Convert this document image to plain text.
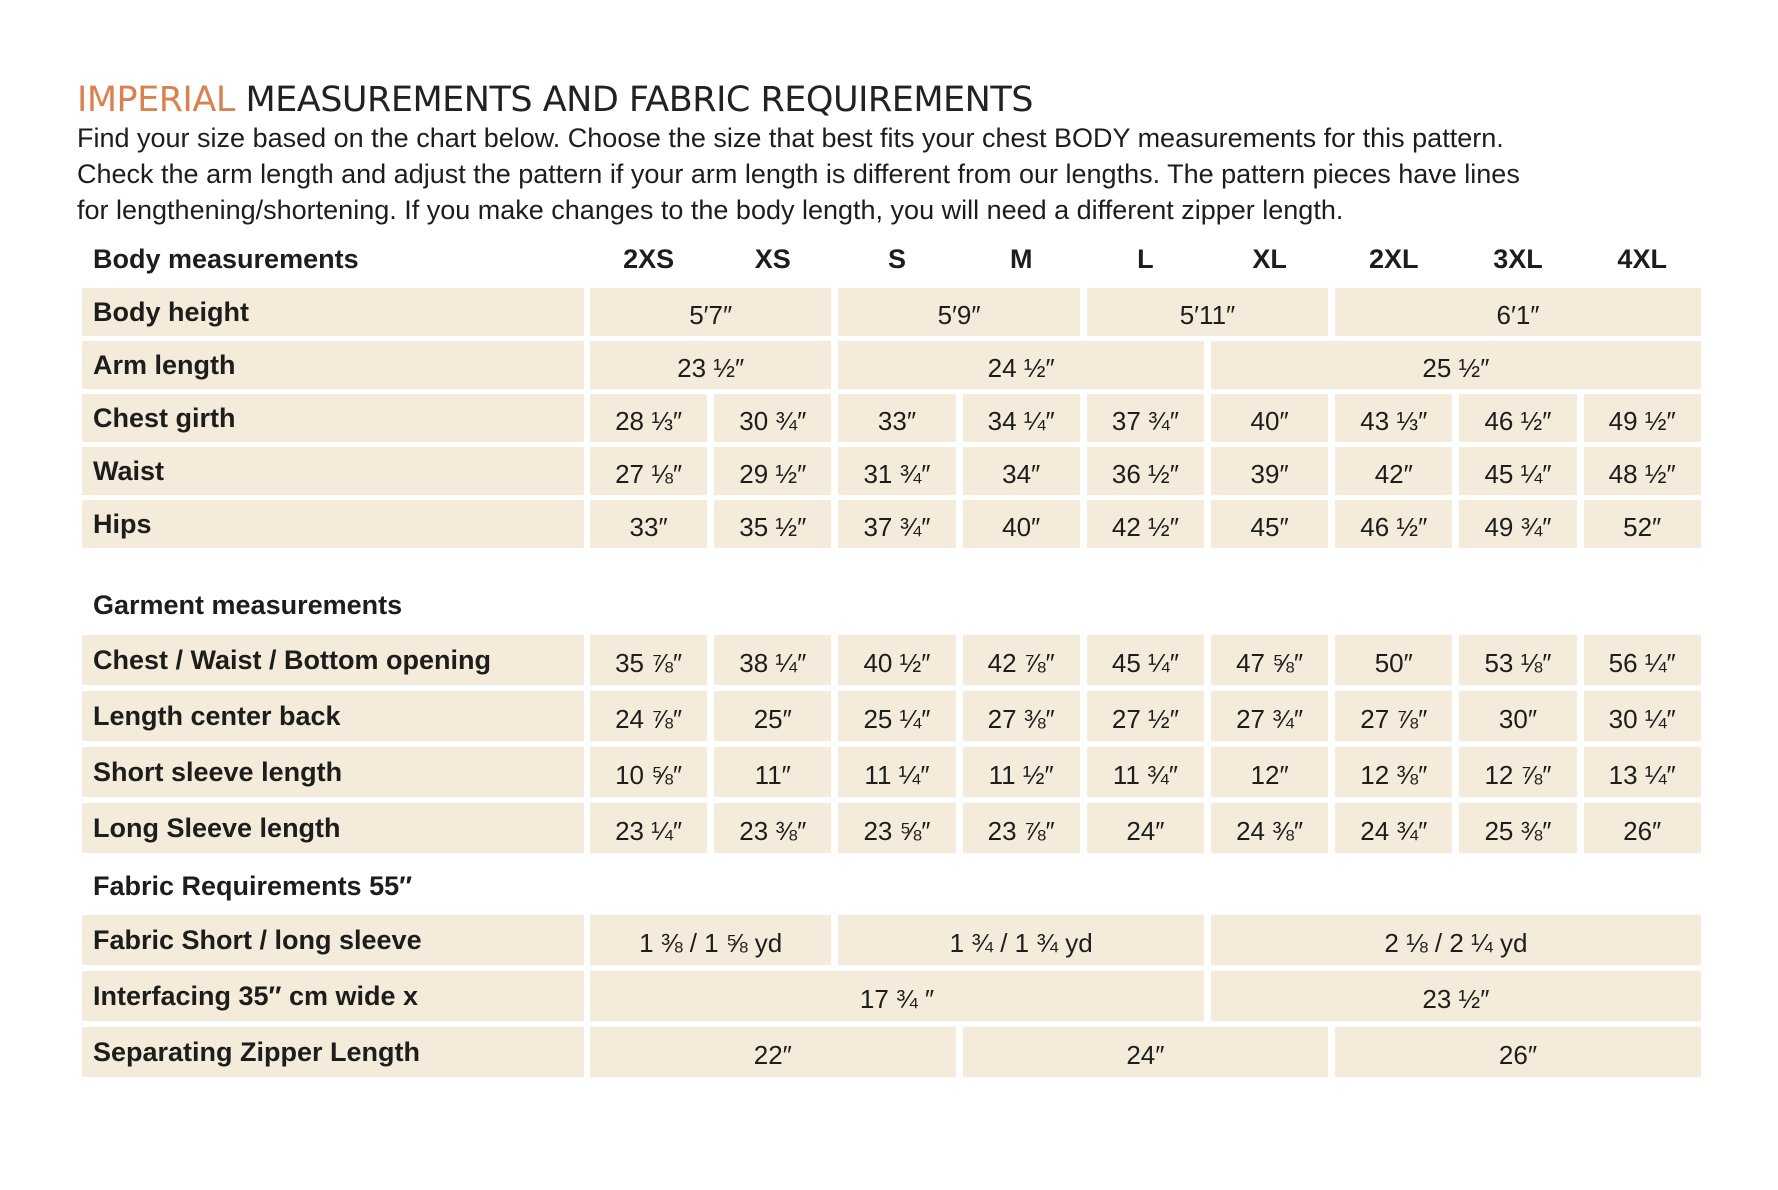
IMPERIAL MEASUREMENTS AND FABRIC REQUIREMENTS
Find your size based on the chart below. Choose the size that best fits your chest BODY measurements for this pattern.
Check the arm length and adjust the pattern if your arm length is different from our lengths. The pattern pieces have lines
for lengthening/shortening. If you make changes to the body length, you will need a different zipper length.
Body measurements	2XS	XS	S	M	L	XL	2XL	3XL	4XL
Body height	5′7″	5′9″	5′11″	6′1″
Arm length	23 ½″	24 ½″	25 ½″
Chest girth	28 ⅓″	30 ¾″	33″	34 ¼″	37 ¾″	40″	43 ⅓″	46 ½″	49 ½″
Waist	27 ⅛″	29 ½″	31 ¾″	34″	36 ½″	39″	42″	45 ¼″	48 ½″
Hips	33″	35 ½″	37 ¾″	40″	42 ½″	45″	46 ½″	49 ¾″	52″
Garment measurements
Chest / Waist / Bottom opening	35 ⅞″	38 ¼″	40 ½″	42 ⅞″	45 ¼″	47 ⅝″	50″	53 ⅛″	56 ¼″
Length center back	24 ⅞″	25″	25 ¼″	27 ⅜″	27 ½″	27 ¾″	27 ⅞″	30″	30 ¼″
Short sleeve length	10 ⅝″	11″	11 ¼″	11 ½″	11 ¾″	12″	12 ⅜″	12 ⅞″	13 ¼″
Long Sleeve length	23 ¼″	23 ⅜″	23 ⅝″	23 ⅞″	24″	24 ⅜″	24 ¾″	25 ⅜″	26″
Fabric Requirements 55″
Fabric Short / long sleeve	1 ⅜ / 1 ⅝ yd	1 ¾ / 1 ¾ yd	2 ⅛ / 2 ¼ yd
Interfacing 35″ cm wide x	17 ¾ ″	23 ½″
Separating Zipper Length	22″	24″	26″
